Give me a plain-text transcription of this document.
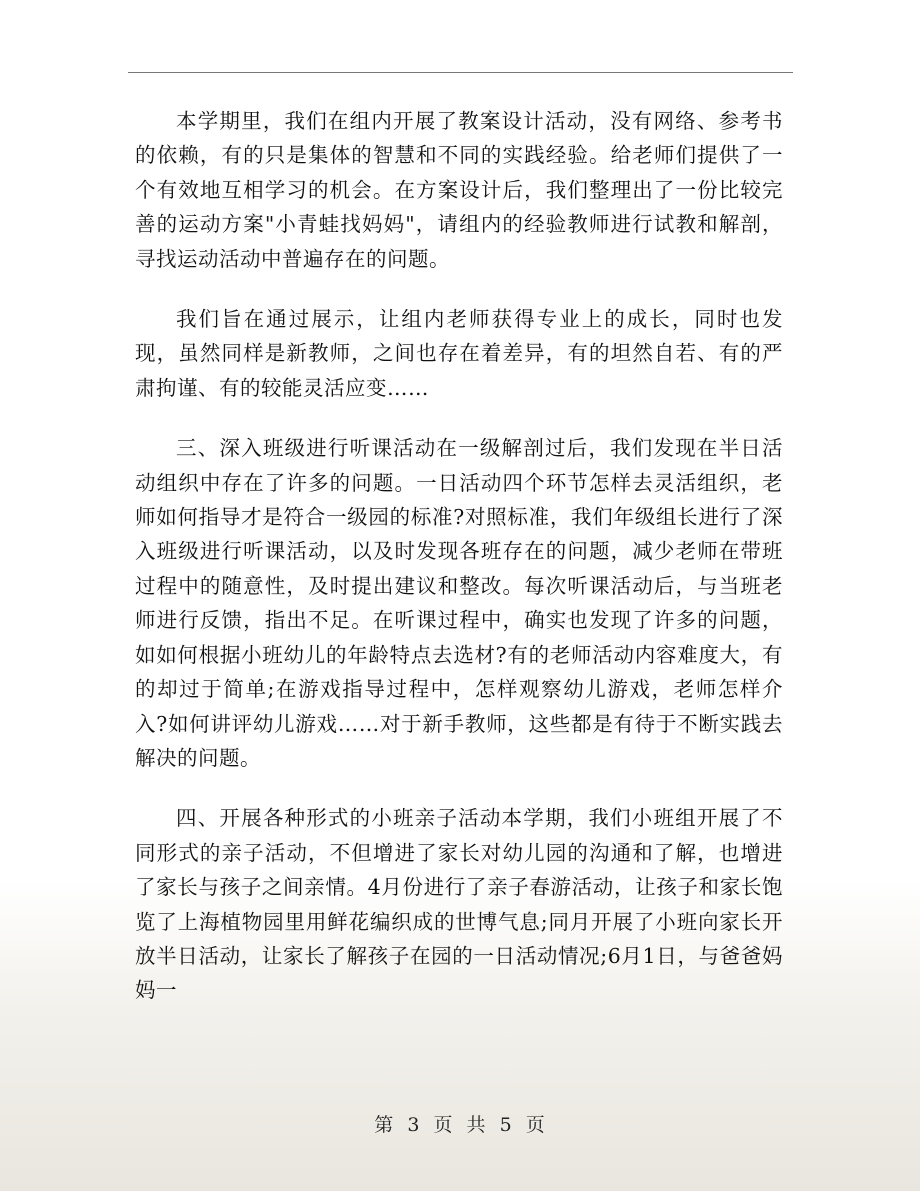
本学期里，我们在组内开展了教案设计活动，没有网络、参考书的依赖，有的只是集体的智慧和不同的实践经验。给老师们提供了一个有效地互相学习的机会。在方案设计后，我们整理出了一份比较完善的运动方案"小青蛙找妈妈"，请组内的经验教师进行试教和解剖，寻找运动活动中普遍存在的问题。

我们旨在通过展示，让组内老师获得专业上的成长，同时也发现，虽然同样是新教师，之间也存在着差异，有的坦然自若、有的严肃拘谨、有的较能灵活应变……

三、深入班级进行听课活动在一级解剖过后，我们发现在半日活动组织中存在了许多的问题。一日活动四个环节怎样去灵活组织，老师如何指导才是符合一级园的标准?对照标准，我们年级组长进行了深入班级进行听课活动，以及时发现各班存在的问题，减少老师在带班过程中的随意性，及时提出建议和整改。每次听课活动后，与当班老师进行反馈，指出不足。在听课过程中，确实也发现了许多的问题，如如何根据小班幼儿的年龄特点去选材?有的老师活动内容难度大，有的却过于简单;在游戏指导过程中，怎样观察幼儿游戏，老师怎样介入?如何讲评幼儿游戏……对于新手教师，这些都是有待于不断实践去解决的问题。

四、开展各种形式的小班亲子活动本学期，我们小班组开展了不同形式的亲子活动，不但增进了家长对幼儿园的沟通和了解，也增进了家长与孩子之间亲情。4月份进行了亲子春游活动，让孩子和家长饱览了上海植物园里用鲜花编织成的世博气息;同月开展了小班向家长开放半日活动，让家长了解孩子在园的一日活动情况;6月1日，与爸爸妈妈一

第 3 页 共 5 页
